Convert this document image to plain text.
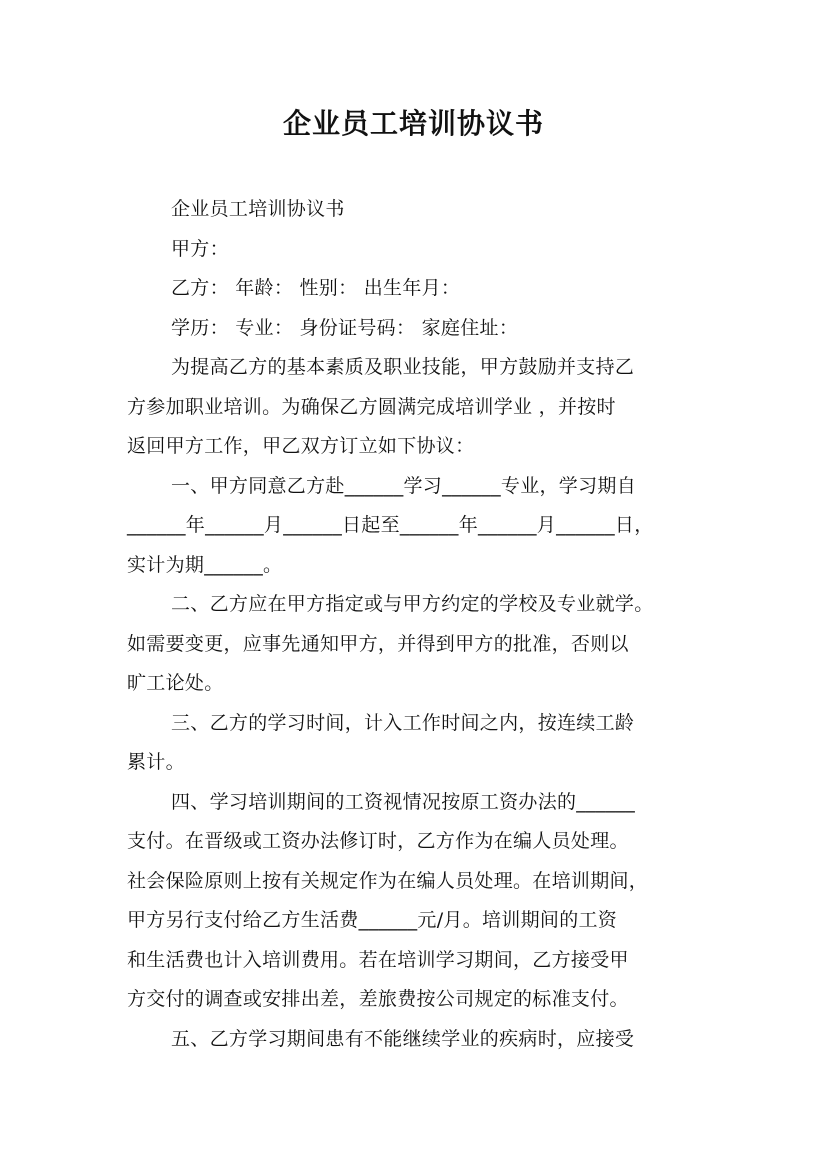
企业员工培训协议书
企业员工培训协议书
甲方：
乙方： 年龄： 性别： 出生年月：
学历： 专业： 身份证号码： 家庭住址：
为提高乙方的基本素质及职业技能，甲方鼓励并支持乙
方参加职业培训。为确保乙方圆满完成培训学业 ，并按时
返回甲方工作，甲乙双方订立如下协议：
一、甲方同意乙方赴______学习______专业，学习期自
______年______月______日起至______年______月______日，
实计为期______。
二、乙方应在甲方指定或与甲方约定的学校及专业就学。
如需要变更，应事先通知甲方，并得到甲方的批准，否则以
旷工论处。
三、乙方的学习时间，计入工作时间之内，按连续工龄
累计。
四、学习培训期间的工资视情况按原工资办法的______
支付。在晋级或工资办法修订时，乙方作为在编人员处理。
社会保险原则上按有关规定作为在编人员处理。在培训期间，
甲方另行支付给乙方生活费______元/月。培训期间的工资
和生活费也计入培训费用。若在培训学习期间，乙方接受甲
方交付的调查或安排出差，差旅费按公司规定的标准支付。
五、乙方学习期间患有不能继续学业的疾病时，应接受
